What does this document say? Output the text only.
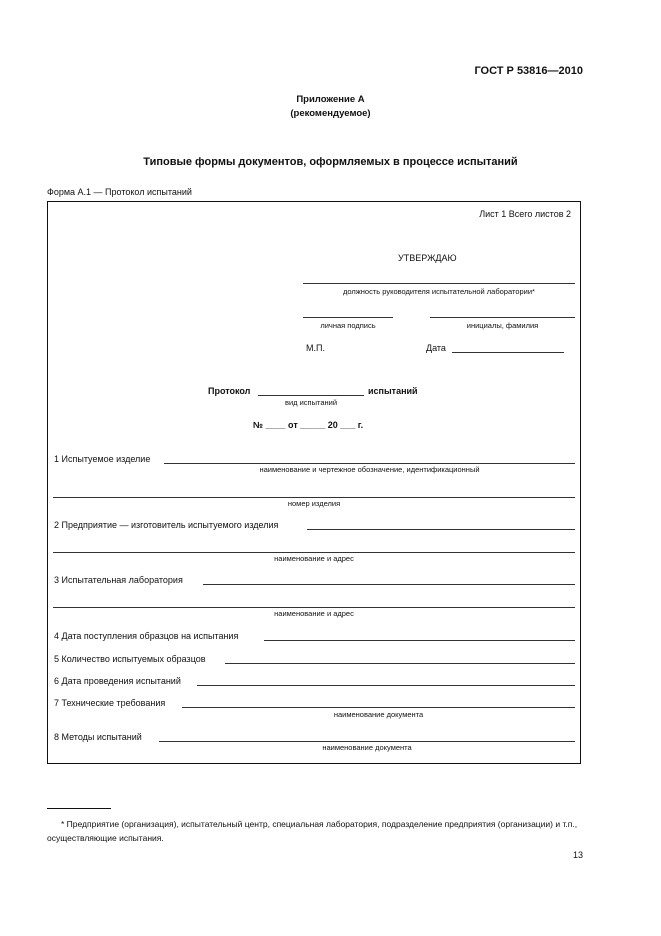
ГОСТ Р 53816—2010
Приложение А
(рекомендуемое)
Типовые формы документов, оформляемых в процессе испытаний
Форма А.1 — Протокол испытаний
Лист 1 Всего листов 2
УТВЕРЖДАЮ
должность руководителя испытательной лаборатории*
личная подпись	инициалы, фамилия
М.П.	Дата
Протокол	испытаний
вид испытаний
№ ____ от _____ 20 ___ г.
1 Испытуемое изделие
наименование и чертежное обозначение, идентификационный
номер изделия
2 Предприятие — изготовитель испытуемого изделия
наименование и адрес
3 Испытательная лаборатория
наименование и адрес
4 Дата поступления образцов на испытания
5 Количество испытуемых образцов
6 Дата проведения испытаний
7 Технические требования
наименование документа
8 Методы испытаний
наименование документа
* Предприятие (организация), испытательный центр, специальная лаборатория, подразделение предприятия (организации) и т.п., осуществляющие испытания.
13
